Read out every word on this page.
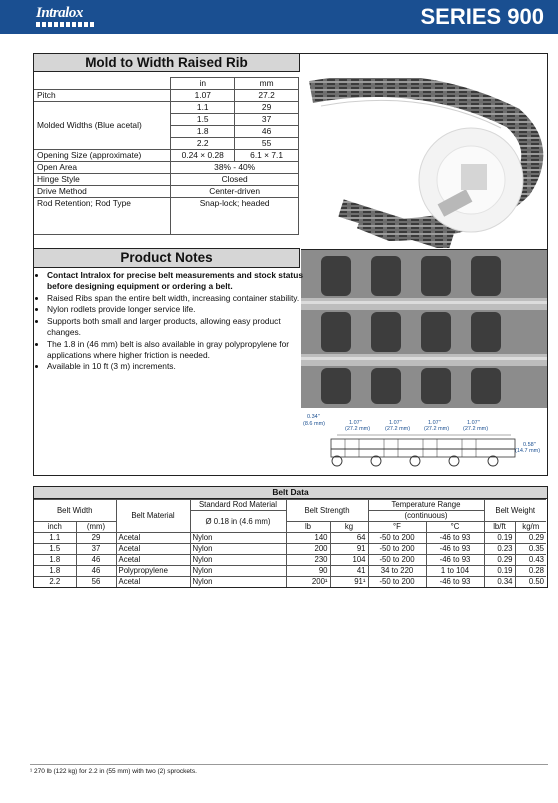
Intralox	SERIES 900
Mold to Width Raised Rib
	in	mm
Pitch	1.07	27.2
Molded Widths (Blue acetal)	1.1	29
	1.5	37
	1.8	46
	2.2	55
Opening Size (approximate)	0.24 × 0.28	6.1 × 7.1
Open Area	38% - 40%	
Hinge Style	Closed	
Drive Method	Center-driven	
Rod Retention; Rod Type	Snap-lock; headed	
Product Notes
0.34"
(8.6 mm)	1.07"
(27.2 mm)
1.07"
(27.2 mm)
1.07"
(27.2 mm)
1.07"
(27.2 mm)
0.58"
(14.7 mm)
• Contact Intralox for precise belt measurements and stock status before designing equipment or ordering a belt.
• Raised Ribs span the entire belt width, increasing container stability.
• Nylon rodlets provide longer service life.
• Supports both small and larger products, allowing easy product changes.
• The 1.8 in (46 mm) belt is also available in gray polypropylene for applications where higher friction is needed.
• Available in 10 ft (3 m) increments.
Belt Data
Belt Width		Belt Material	Standard Rod Material	Belt Strength		Temperature Range		Belt Weight	
			Ø 0.18 in (4.6 mm)			(continuous)			
inch	(mm)			lb	kg	°F	°C	lb/ft	kg/m
1.1	29	Acetal	Nylon	140	64	-50 to 200	-46 to 93	0.19	0.29
1.5	37	Acetal	Nylon	200	91	-50 to 200	-46 to 93	0.23	0.35
1.8	46	Acetal	Nylon	230	104	-50 to 200	-46 to 93	0.29	0.43
1.8	46	Polypropylene	Nylon	90	41	34 to 220	1 to 104	0.19	0.28
2.2	56	Acetal	Nylon	200¹	91¹	-50 to 200	-46 to 93	0.34	0.50
¹ 270 lb (122 kg) for 2.2 in (55 mm) with two (2) sprockets.
